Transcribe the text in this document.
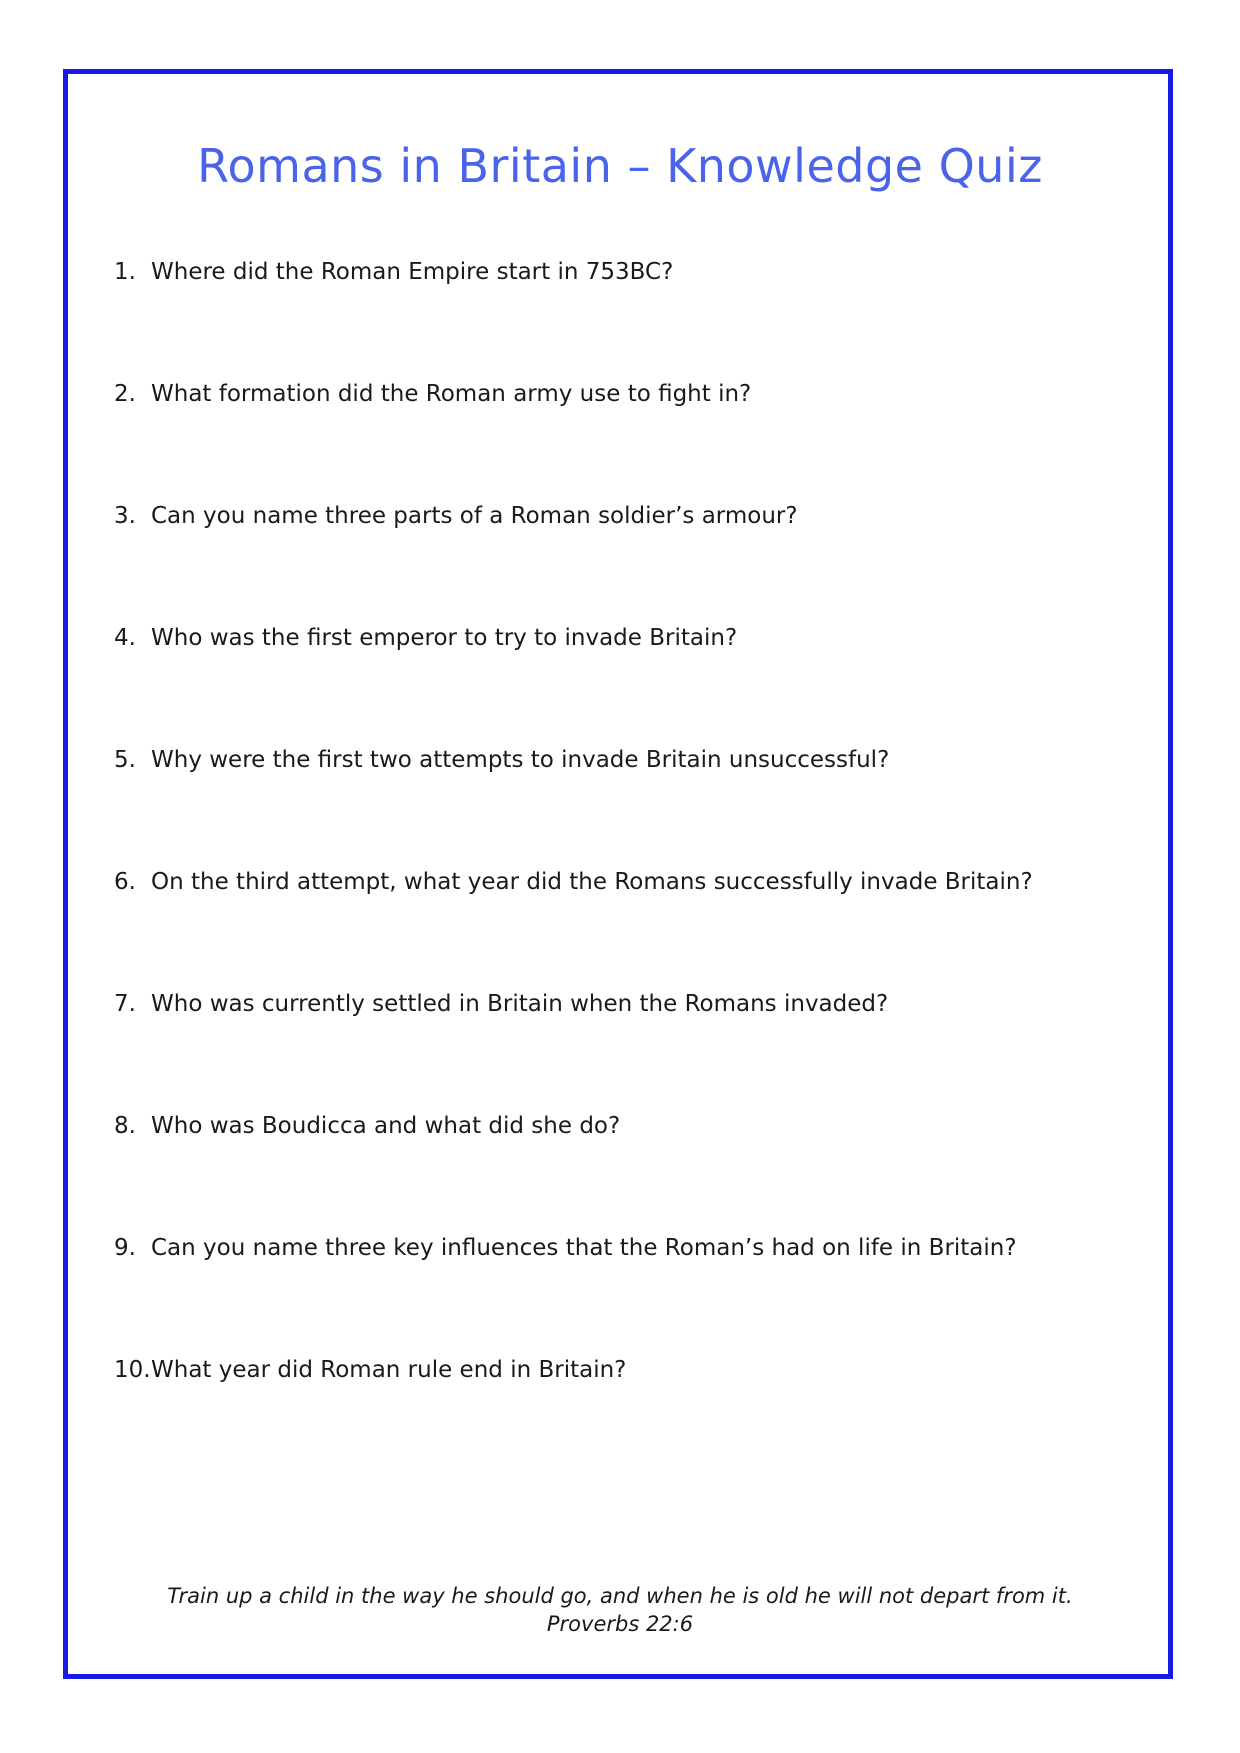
Romans in Britain – Knowledge Quiz
1. Where did the Roman Empire start in 753BC?
2. What formation did the Roman army use to fight in?
3. Can you name three parts of a Roman soldier’s armour?
4. Who was the first emperor to try to invade Britain?
5. Why were the first two attempts to invade Britain unsuccessful?
6. On the third attempt, what year did the Romans successfully invade Britain?
7. Who was currently settled in Britain when the Romans invaded?
8. Who was Boudicca and what did she do?
9. Can you name three key influences that the Roman’s had on life in Britain?
10. What year did Roman rule end in Britain?
Train up a child in the way he should go, and when he is old he will not depart from it.
Proverbs 22:6
